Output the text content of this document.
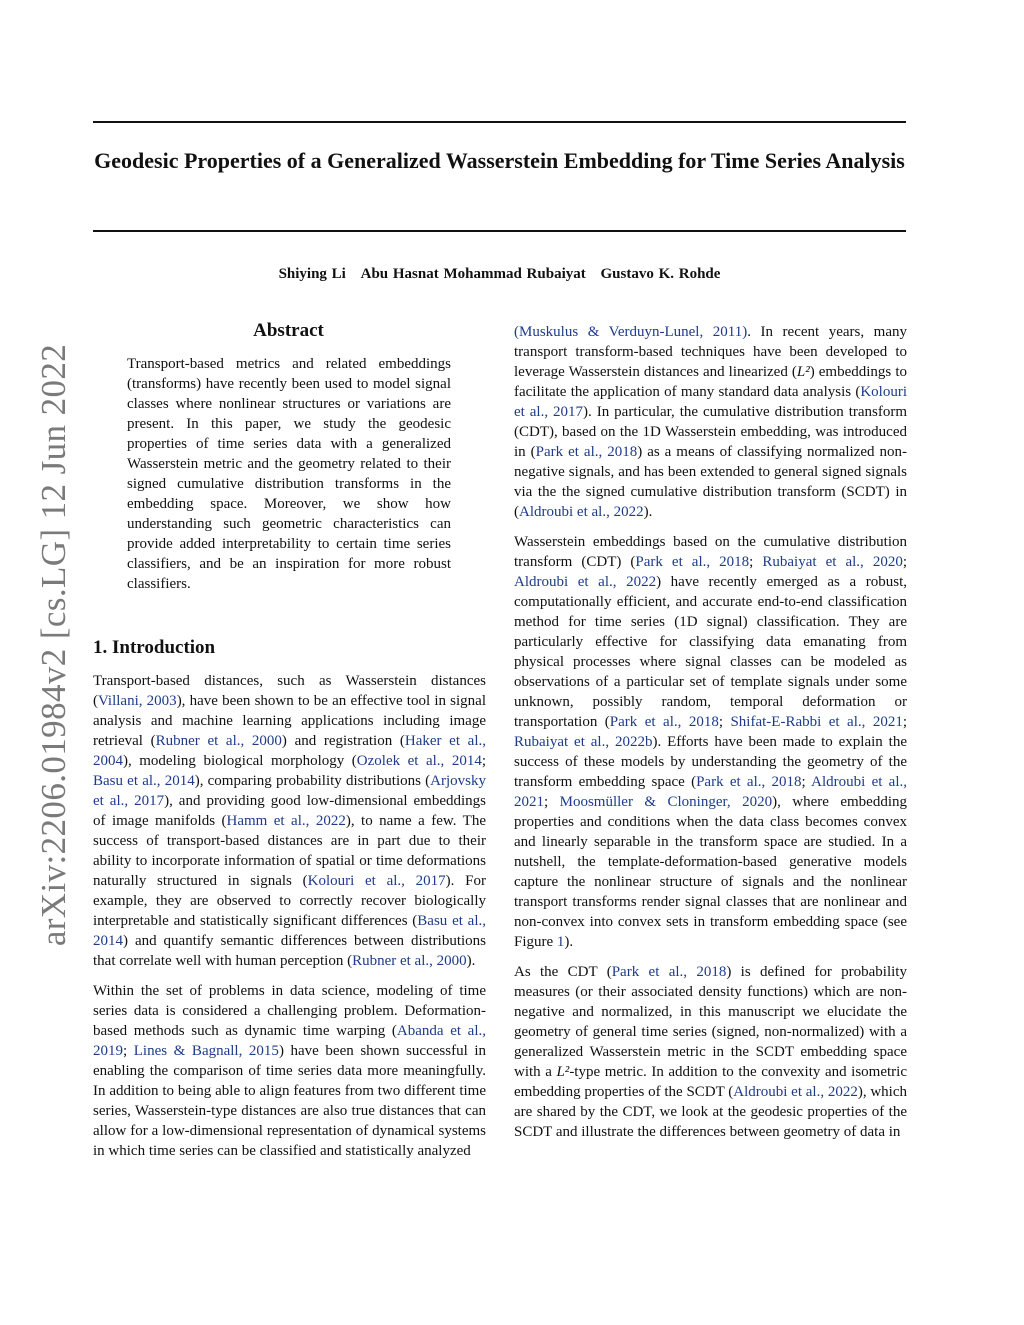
Geodesic Properties of a Generalized Wasserstein Embedding for Time Series Analysis
Shiying Li Abu Hasnat Mohammad Rubaiyat Gustavo K. Rohde
arXiv:2206.01984v2 [cs.LG] 12 Jun 2022
Abstract

Transport-based metrics and related embeddings (transforms) have recently been used to model signal classes where nonlinear structures or variations are present. In this paper, we study the geodesic properties of time series data with a generalized Wasserstein metric and the geometry related to their signed cumulative distribution transforms in the embedding space. Moreover, we show how understanding such geometric characteristics can provide added interpretability to certain time series classifiers, and be an inspiration for more robust classifiers.

1. Introduction

Transport-based distances, such as Wasserstein distances (Villani, 2003), have been shown to be an effective tool in signal analysis and machine learning applications including image retrieval (Rubner et al., 2000) and registration (Haker et al., 2004), modeling biological morphology (Ozolek et al., 2014; Basu et al., 2014), comparing probability distributions (Arjovsky et al., 2017), and providing good low-dimensional embeddings of image manifolds (Hamm et al., 2022), to name a few. The success of transport-based distances are in part due to their ability to incorporate information of spatial or time deformations naturally structured in signals (Kolouri et al., 2017). For example, they are observed to correctly recover biologically interpretable and statistically significant differences (Basu et al., 2014) and quantify semantic differences between distributions that correlate well with human perception (Rubner et al., 2000).

Within the set of problems in data science, modeling of time series data is considered a challenging problem. Deformation-based methods such as dynamic time warping (Abanda et al., 2019; Lines & Bagnall, 2015) have been shown successful in enabling the comparison of time series data more meaningfully. In addition to being able to align features from two different time series, Wasserstein-type distances are also true distances that can allow for a low-dimensional representation of dynamical systems in which time series can be classified and statistically analyzed

(Muskulus & Verduyn-Lunel, 2011). In recent years, many transport transform-based techniques have been developed to leverage Wasserstein distances and linearized (L²) embeddings to facilitate the application of many standard data analysis (Kolouri et al., 2017). In particular, the cumulative distribution transform (CDT), based on the 1D Wasserstein embedding, was introduced in (Park et al., 2018) as a means of classifying normalized non-negative signals, and has been extended to general signed signals via the the signed cumulative distribution transform (SCDT) in (Aldroubi et al., 2022).

Wasserstein embeddings based on the cumulative distribution transform (CDT) (Park et al., 2018; Rubaiyat et al., 2020; Aldroubi et al., 2022) have recently emerged as a robust, computationally efficient, and accurate end-to-end classification method for time series (1D signal) classification. They are particularly effective for classifying data emanating from physical processes where signal classes can be modeled as observations of a particular set of template signals under some unknown, possibly random, temporal deformation or transportation (Park et al., 2018; Shifat-E-Rabbi et al., 2021; Rubaiyat et al., 2022b). Efforts have been made to explain the success of these models by understanding the geometry of the transform embedding space (Park et al., 2018; Aldroubi et al., 2021; Moosmüller & Cloninger, 2020), where embedding properties and conditions when the data class becomes convex and linearly separable in the transform space are studied. In a nutshell, the template-deformation-based generative models capture the nonlinear structure of signals and the nonlinear transport transforms render signal classes that are nonlinear and non-convex into convex sets in transform embedding space (see Figure 1).

As the CDT (Park et al., 2018) is defined for probability measures (or their associated density functions) which are non-negative and normalized, in this manuscript we elucidate the geometry of general time series (signed, non-normalized) with a generalized Wasserstein metric in the SCDT embedding space with a L²-type metric. In addition to the convexity and isometric embedding properties of the SCDT (Aldroubi et al., 2022), which are shared by the CDT, we look at the geodesic properties of the SCDT and illustrate the differences between geometry of data in
